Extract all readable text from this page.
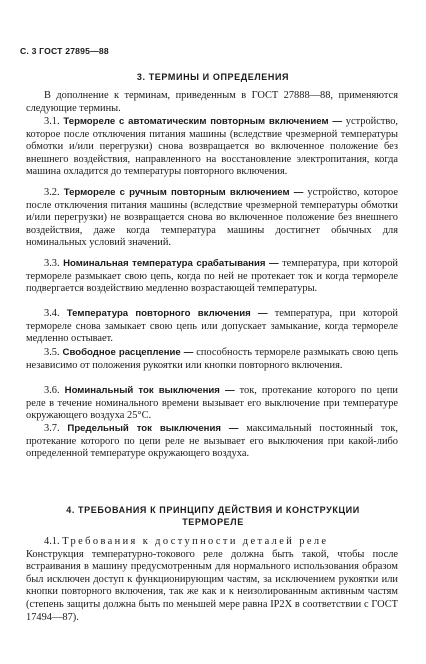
С. 3 ГОСТ 27895—88
3. ТЕРМИНЫ И ОПРЕДЕЛЕНИЯ

В дополнение к терминам, приведенным в ГОСТ 27888—88, применяются следующие термины.

3.1. Термореле с автоматическим повторным включением — устройство, которое после отключения питания машины (вследствие чрезмерной температуры обмотки и/или перегрузки) снова возвращается во включенное положение без внешнего воздействия, направленного на восстановление электропитания, когда машина охладится до температуры повторного включения.

3.2. Термореле с ручным повторным включением — устройство, которое после отключения питания машины (вследствие чрезмерной температуры обмотки и/или перегрузки) не возвращается снова во включенное положение без внешнего воздействия, даже когда температура машины достигнет обычных для номинальных условий значений.

3.3. Номинальная температура срабатывания — температура, при которой термореле размыкает свою цепь, когда по ней не протекает ток и когда термореле подвергается воздействию медленно возрастающей температуры.

3.4. Температура повторного включения — температура, при которой термореле снова замыкает свою цепь или допускает замыкание, когда термореле медленно остывает.

3.5. Свободное расцепление — способность термореле размыкать свою цепь независимо от положения рукоятки или кнопки повторного включения.

3.6. Номинальный ток выключения — ток, протекание которого по цепи реле в течение номинального времени вызывает его выключение при температуре окружающего воздуха 25°С.

3.7. Предельный ток выключения — максимальный постоянный ток, протекание которого по цепи реле не вызывает его выключения при какой-либо определенной температуре окружающего воздуха.

4. ТРЕБОВАНИЯ К ПРИНЦИПУ ДЕЙСТВИЯ И КОНСТРУКЦИИ
ТЕРМОРЕЛЕ

4.1. Требования к доступности деталей реле
Конструкция температурно-токового реле должна быть такой, чтобы после встраивания в машину предусмотренным для нормального использования образом был исключен доступ к функционирующим частям, за исключением рукоятки или кнопки повторного включения, так же как и к неизолированным активным частям (степень защиты должна быть по меньшей мере равна IP2X в соответствии с ГОСТ 17494—87).
